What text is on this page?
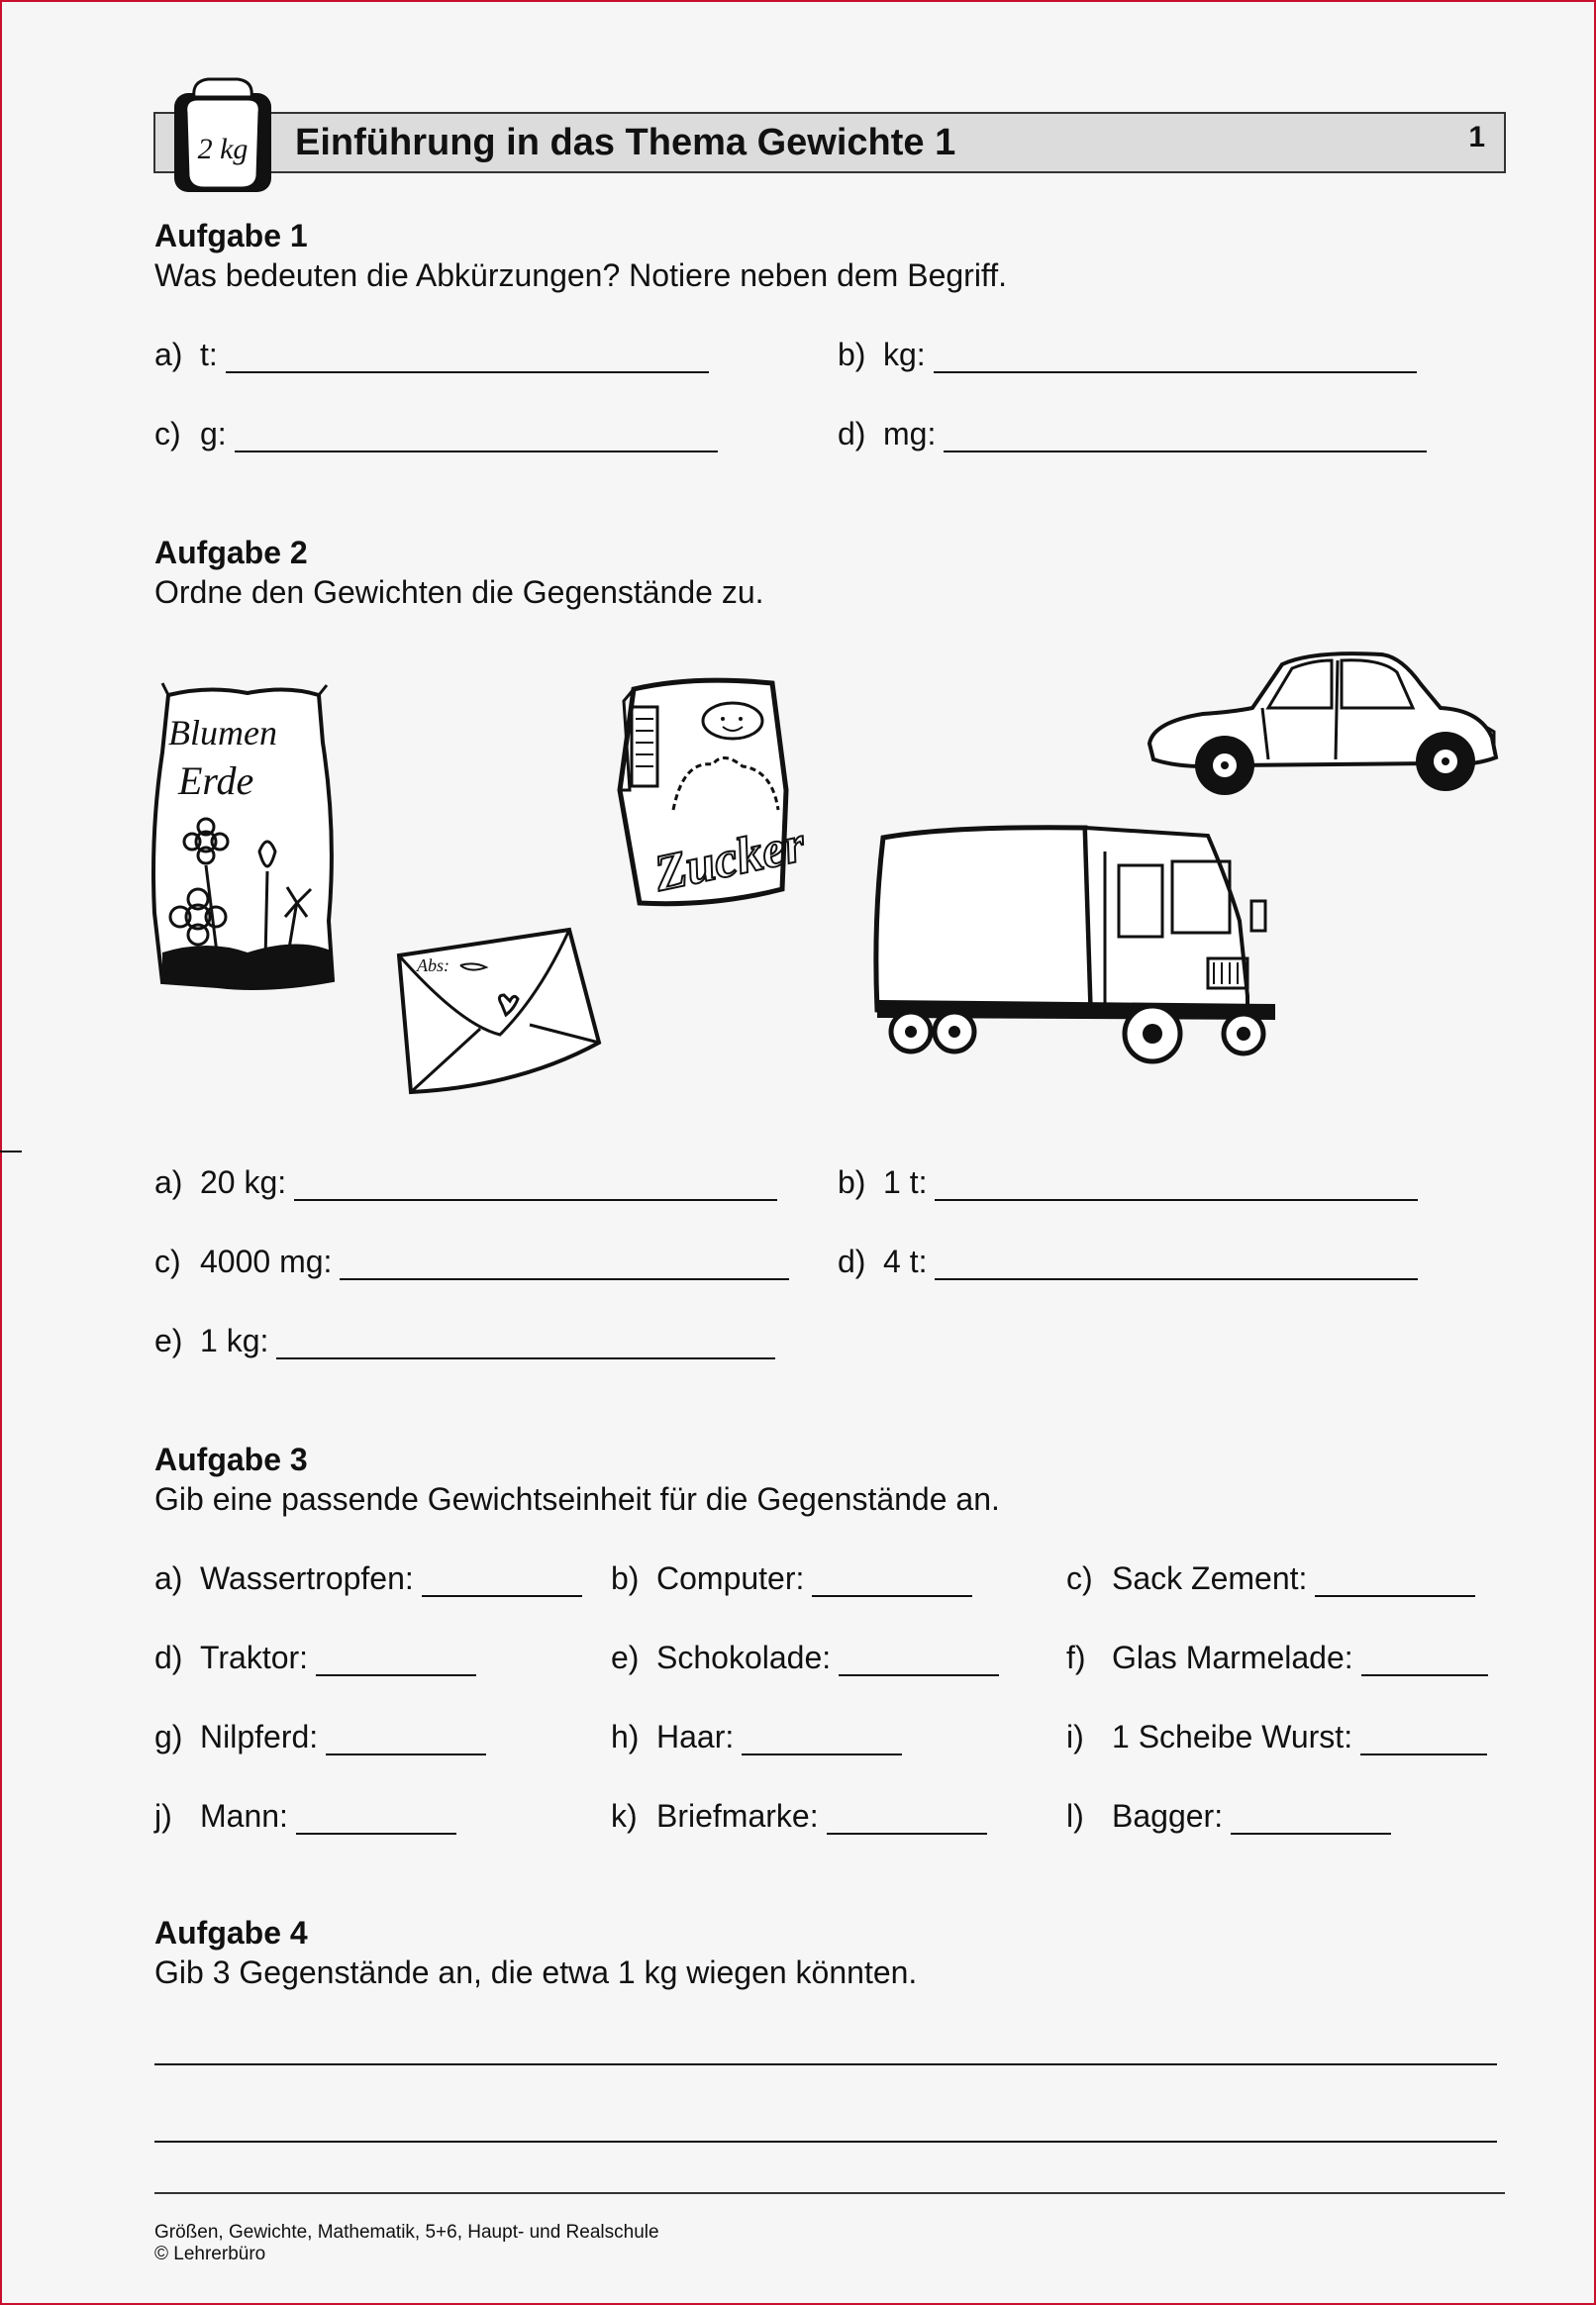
2 kg Einführung in das Thema Gewichte 1	1
Aufgabe 1
Was bedeuten die Abkürzungen? Notiere neben dem Begriff.
a) t:	b) kg:
c) g:	d) mg:
Aufgabe 2
Ordne den Gewichten die Gegenstände zu.
Blumen
Erde
Abs:
Zucker
a) 20 kg:	b) 1 t:
c) 4000 mg:	d) 4 t:
e) 1 kg:
Aufgabe 3
Gib eine passende Gewichtseinheit für die Gegenstände an.
a) Wassertropfen:	b) Computer:	c) Sack Zement:
d) Traktor:	e) Schokolade:	f) Glas Marmelade:
g) Nilpferd:	h) Haar:	i) 1 Scheibe Wurst:
j) Mann:	k) Briefmarke:	l) Bagger:
Aufgabe 4
Gib 3 Gegenstände an, die etwa 1 kg wiegen könnten.
Größen, Gewichte, Mathematik, 5+6, Haupt- und Realschule
© Lehrerbüro
